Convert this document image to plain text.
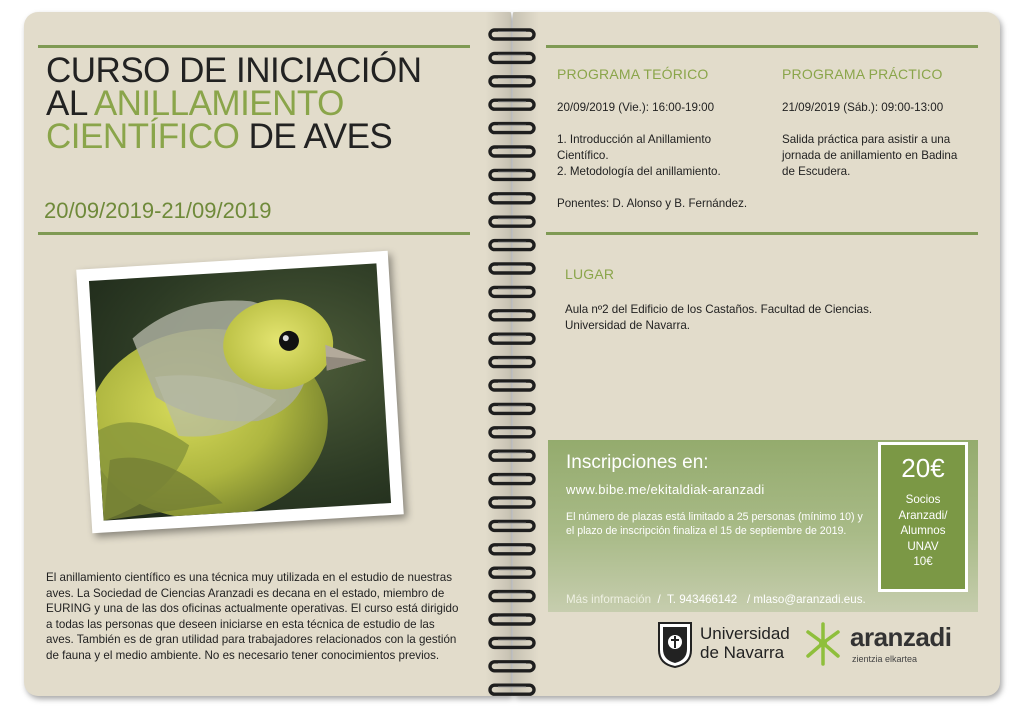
CURSO DE INICIACIÓN
AL ANILLAMIENTO
CIENTÍFICO DE AVES
20/09/2019-21/09/2019
El anillamiento científico es una técnica muy utilizada en el estudio de nuestras aves. La Sociedad de Ciencias Aranzadi es decana en el estado, miembro de EURING y una de las dos oficinas actualmente operativas. El curso está dirigido a todas las personas que deseen iniciarse en esta técnica de estudio de las aves. También es de gran utilidad para trabajadores relacionados con la gestión de fauna y el medio ambiente. No es necesario tener conocimientos previos.
PROGRAMA TEÓRICO
20/09/2019 (Vie.): 16:00-19:00
1. Introducción al Anillamiento Científico.
2. Metodología del anillamiento.
Ponentes: D. Alonso y B. Fernández.
PROGRAMA PRÁCTICO
21/09/2019 (Sáb.): 09:00-13:00
Salida práctica para asistir a una jornada de anillamiento en Badina de Escudera.
LUGAR
Aula nº2 del Edificio de los Castaños. Facultad de Ciencias. Universidad de Navarra.
Inscripciones en:
www.bibe.me/ekitaldiak-aranzadi
El número de plazas está limitado a 25 personas (mínimo 10) y el plazo de inscripción finaliza el 15 de septiembre de 2019.
Más información  /  T. 943466142   / mlaso@aranzadi.eus.
20€
Socios
Aranzadi/
Alumnos
UNAV
10€
Universidad
de Navarra
aranzadi
zientzia elkartea
